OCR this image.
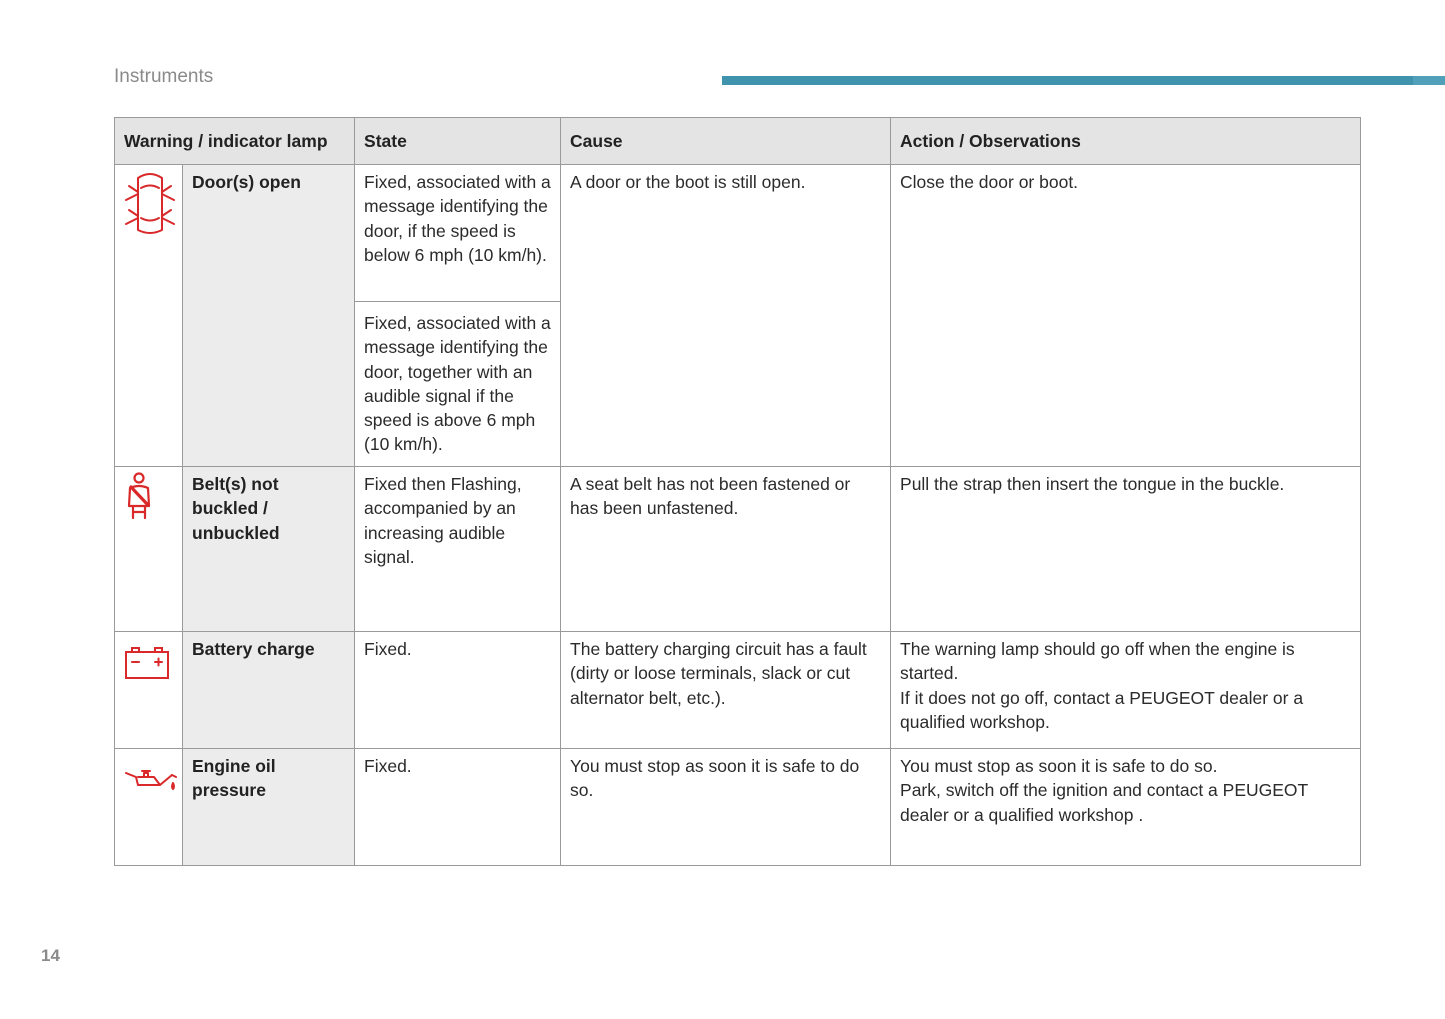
Instruments
Warning / indicator lamp		State	Cause	Action / Observations
	Door(s) open	Fixed, associated with a message identifying the door, if the speed is below 6 mph (10 km/h).	A door or the boot is still open.	Close the door or boot.
		Fixed, associated with a message identifying the door, together with an audible signal if the speed is above 6 mph (10 km/h).		
	Belt(s) not buckled / unbuckled	Fixed then Flashing, accompanied by an increasing audible signal.	A seat belt has not been fastened or has been unfastened.	Pull the strap then insert the tongue in the buckle.
	Battery charge	Fixed.	The battery charging circuit has a fault (dirty or loose terminals, slack or cut alternator belt, etc.).	The warning lamp should go off when the engine is started.
If it does not go off, contact a PEUGEOT dealer or a qualified workshop.

	Engine oil pressure	Fixed.	You must stop as soon it is safe to do so.	You must stop as soon it is safe to do so.
Park, switch off the ignition and contact a PEUGEOT dealer or a qualified workshop .
14
